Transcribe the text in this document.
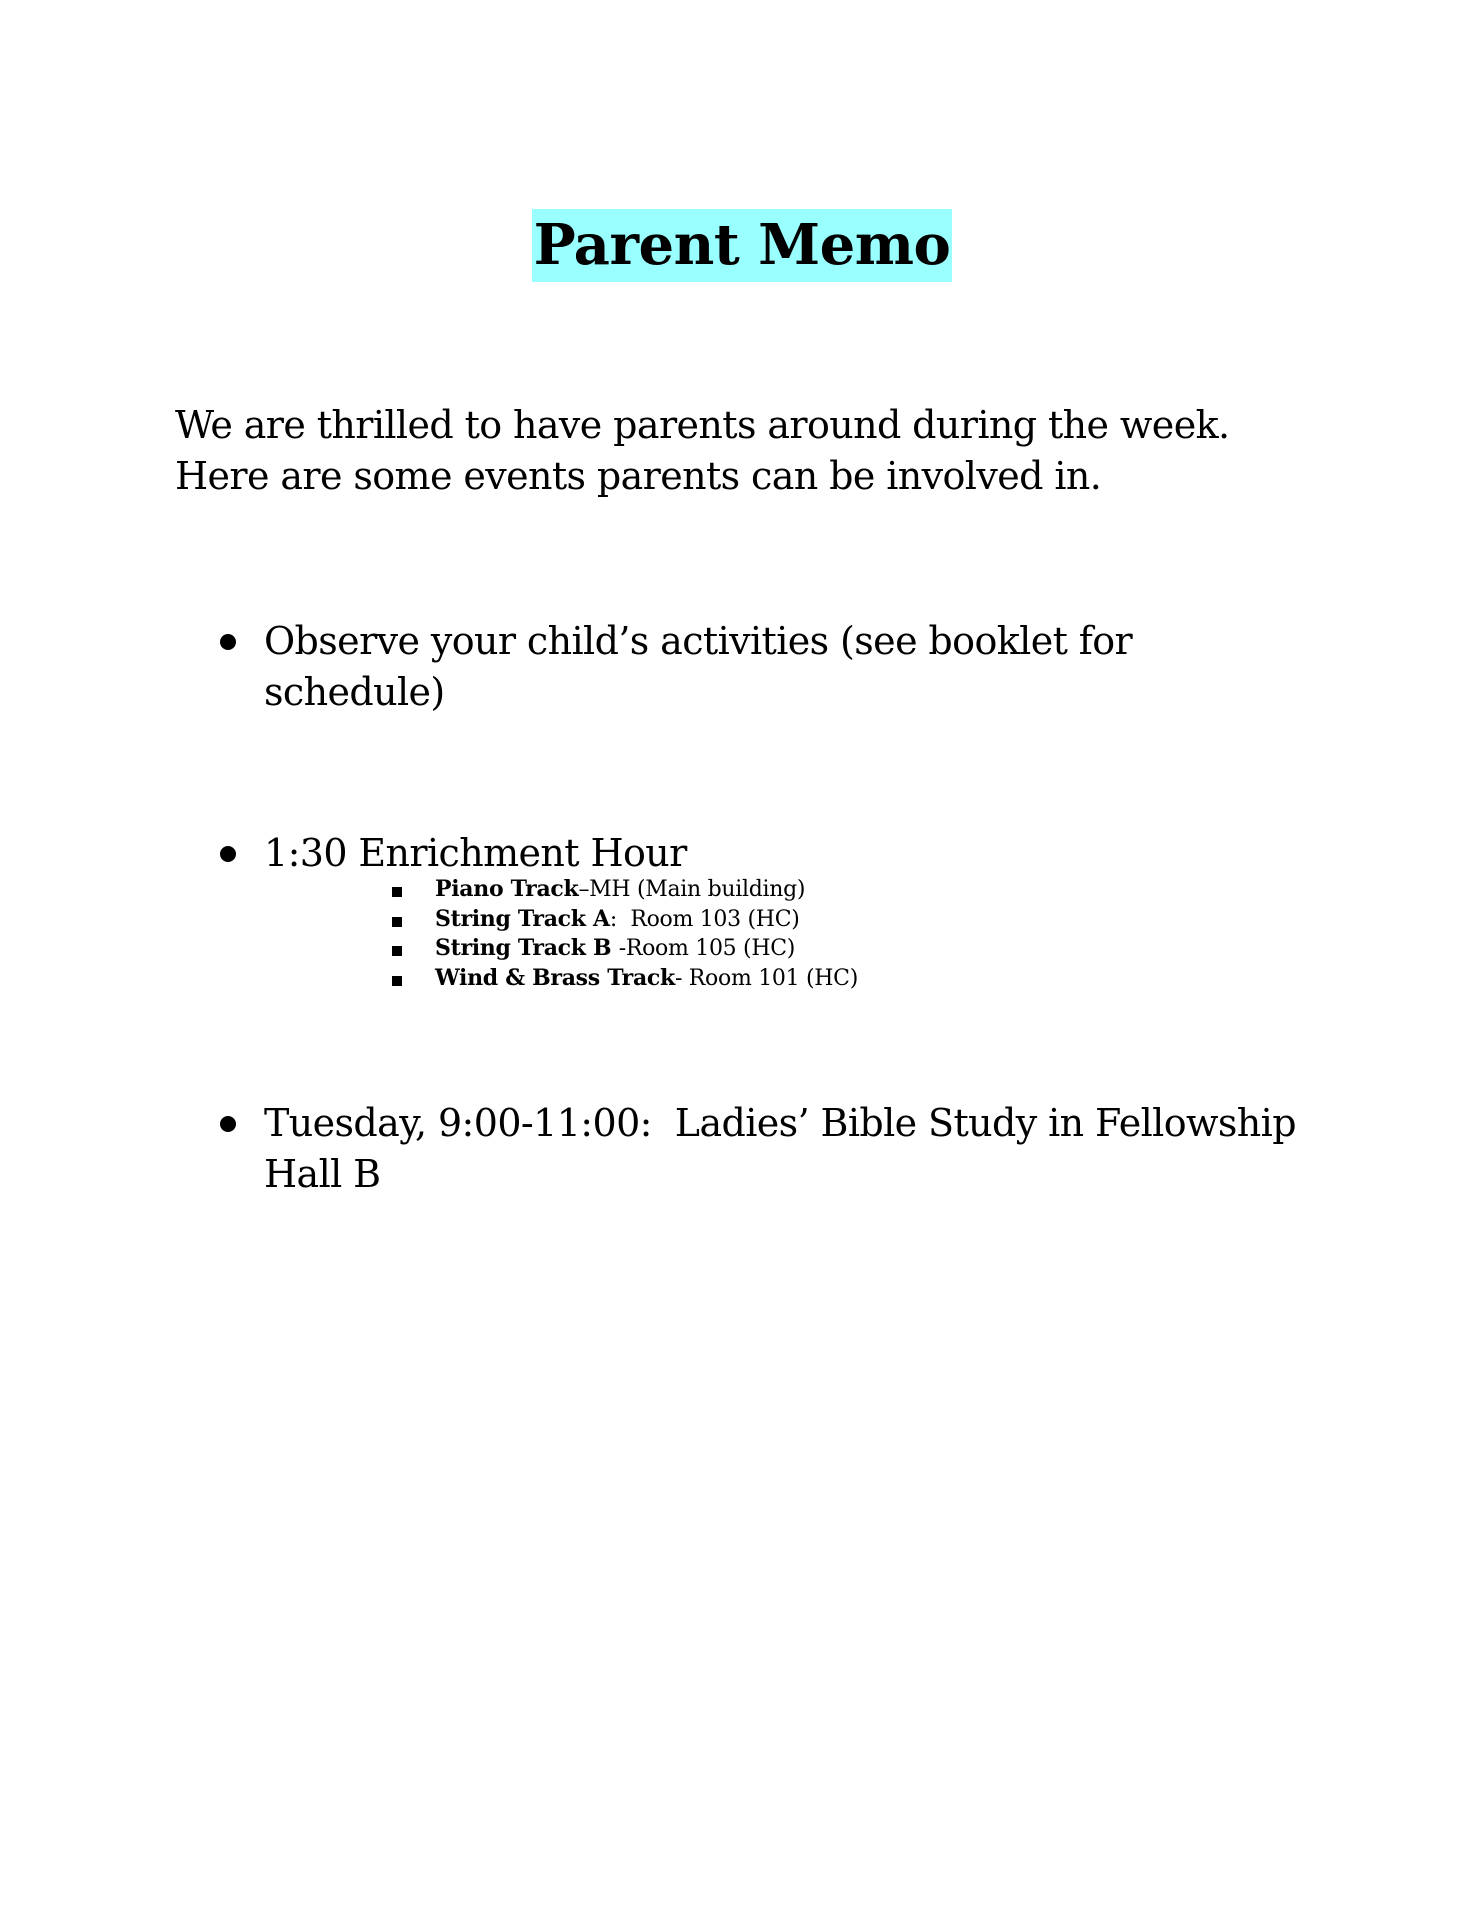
Parent Memo
We are thrilled to have parents around during the week.
Here are some events parents can be involved in.
Observe your child’s activities (see booklet for
schedule)
1:30 Enrichment Hour
Piano Track–MH (Main building)
String Track A:  Room 103 (HC)
String Track B -Room 105 (HC)
Wind & Brass Track- Room 101 (HC)
Tuesday, 9:00-11:00:  Ladies’ Bible Study in Fellowship
Hall B
